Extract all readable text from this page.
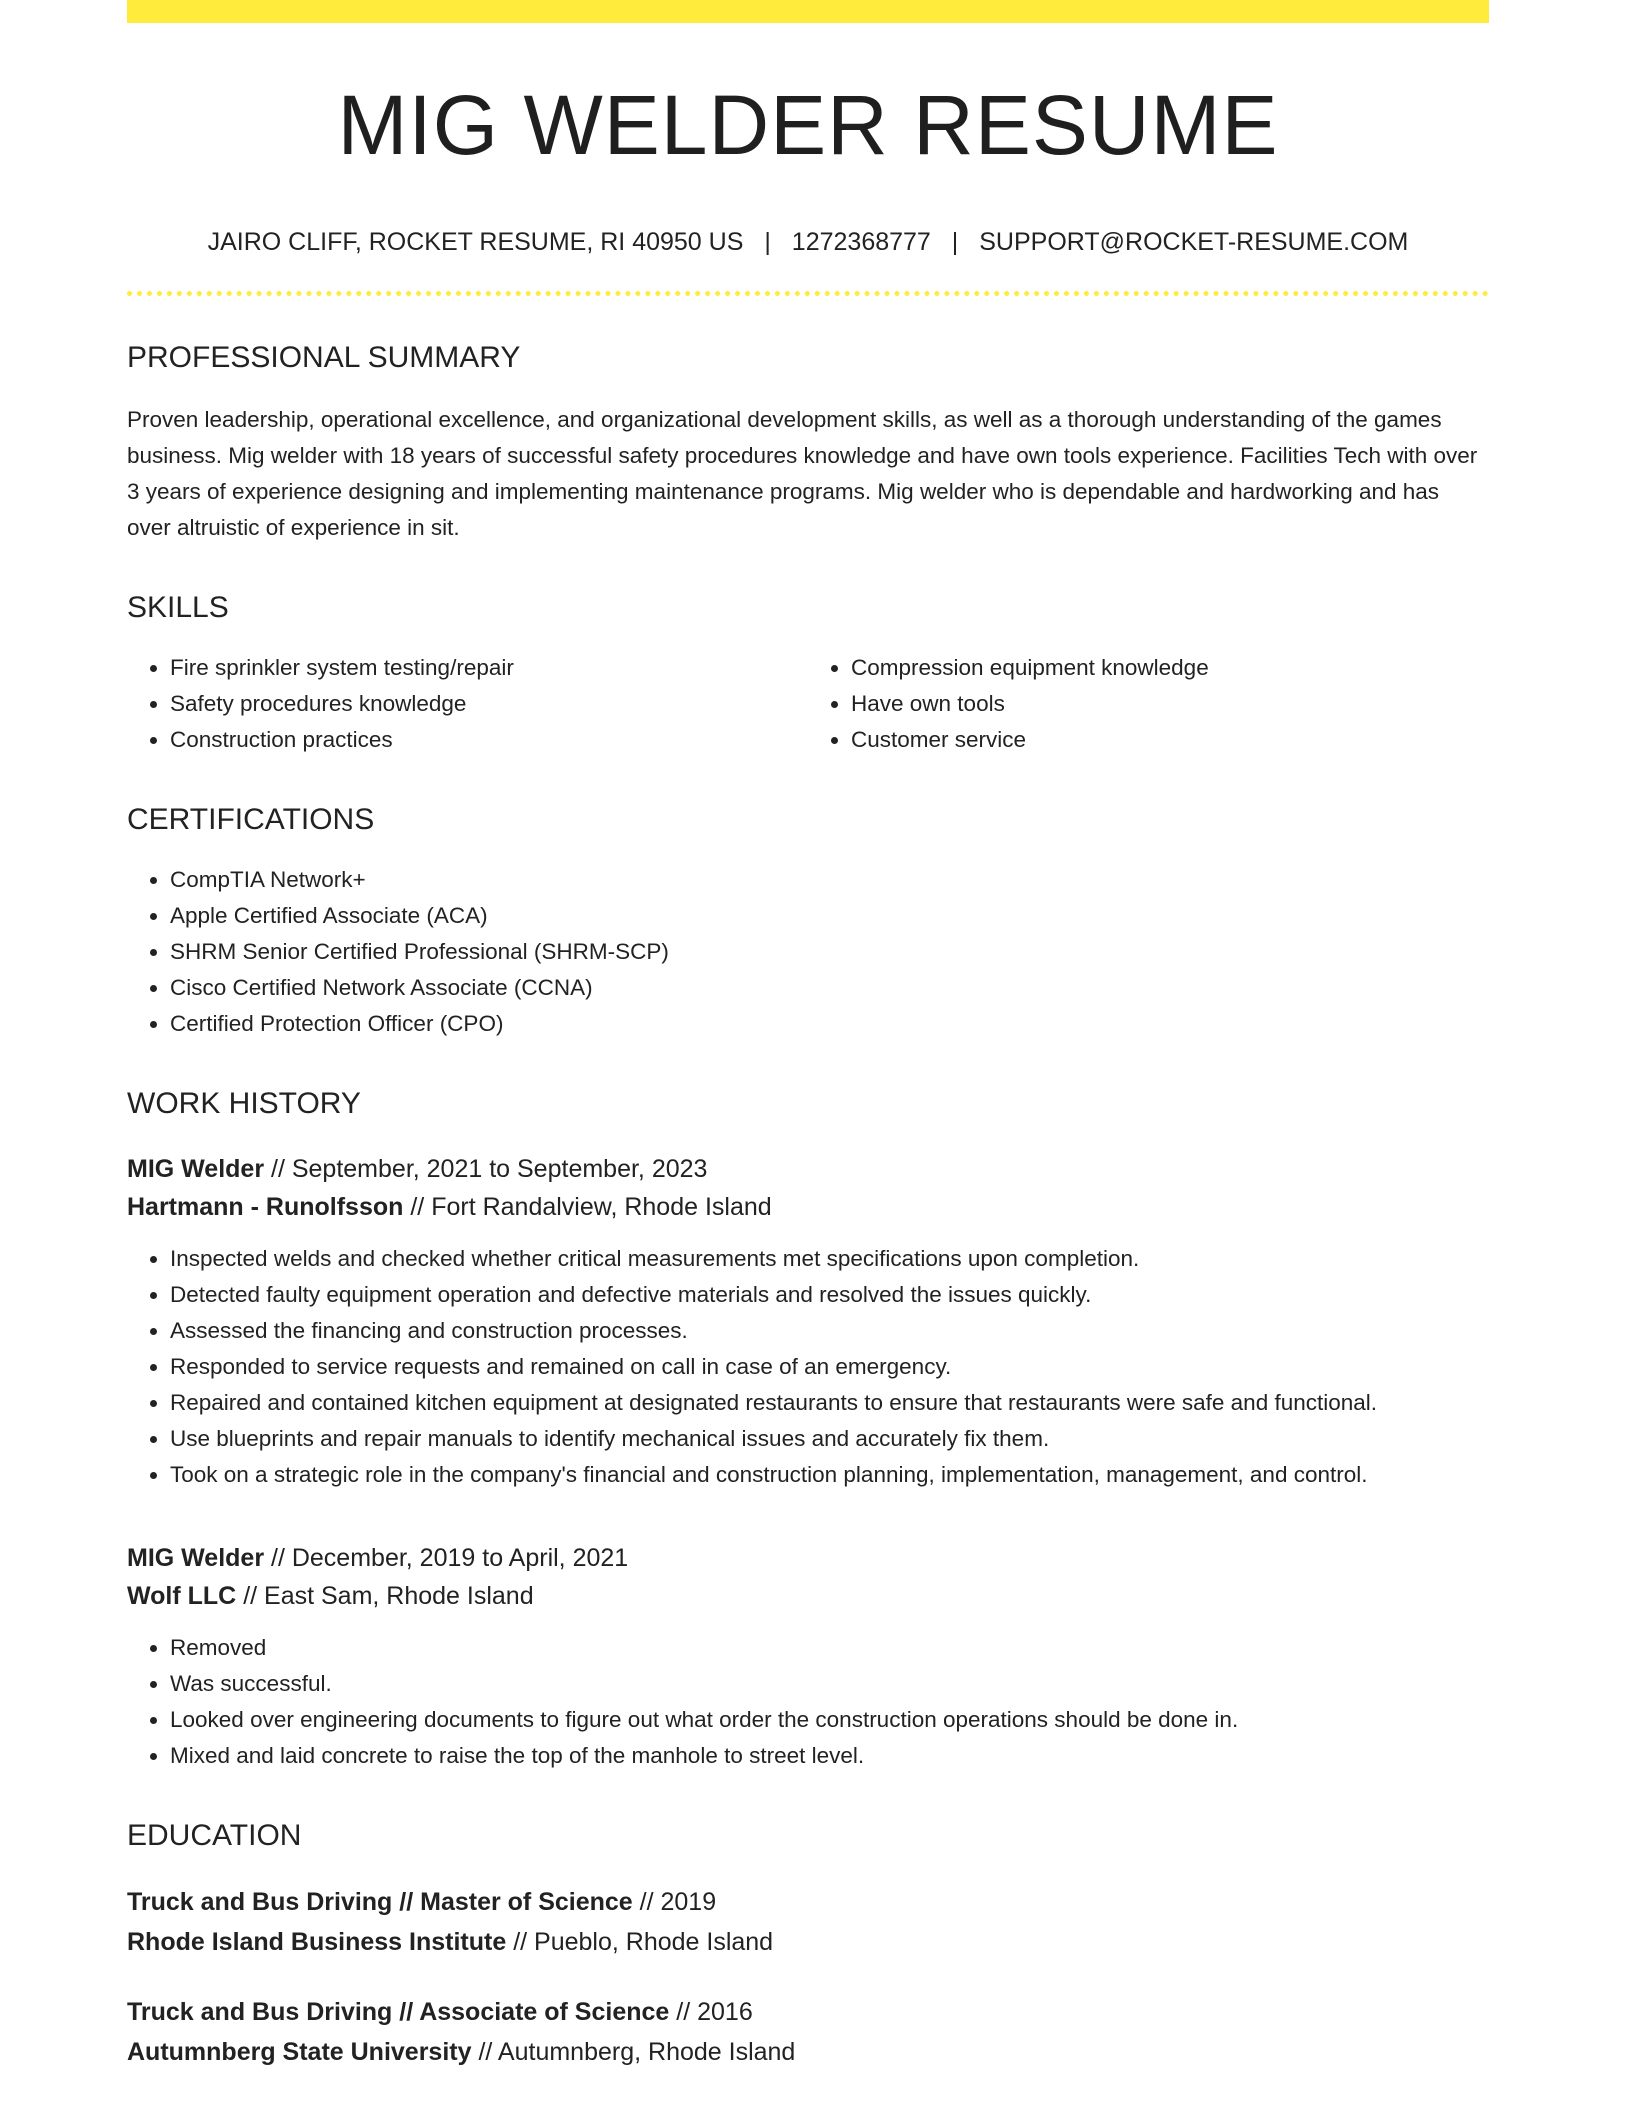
MIG WELDER RESUME
JAIRO CLIFF, ROCKET RESUME, RI 40950 US | 1272368777 | SUPPORT@ROCKET-RESUME.COM
PROFESSIONAL SUMMARY
Proven leadership, operational excellence, and organizational development skills, as well as a thorough understanding of the games business. Mig welder with 18 years of successful safety procedures knowledge and have own tools experience. Facilities Tech with over 3 years of experience designing and implementing maintenance programs. Mig welder who is dependable and hardworking and has over altruistic of experience in sit.
SKILLS
• Fire sprinkler system testing/repair
• Safety procedures knowledge
• Construction practices
• Compression equipment knowledge
• Have own tools
• Customer service
CERTIFICATIONS
• CompTIA Network+
• Apple Certified Associate (ACA)
• SHRM Senior Certified Professional (SHRM-SCP)
• Cisco Certified Network Associate (CCNA)
• Certified Protection Officer (CPO)
WORK HISTORY
MIG Welder // September, 2021 to September, 2023
Hartmann - Runolfsson // Fort Randalview, Rhode Island
• Inspected welds and checked whether critical measurements met specifications upon completion.
• Detected faulty equipment operation and defective materials and resolved the issues quickly.
• Assessed the financing and construction processes.
• Responded to service requests and remained on call in case of an emergency.
• Repaired and contained kitchen equipment at designated restaurants to ensure that restaurants were safe and functional.
• Use blueprints and repair manuals to identify mechanical issues and accurately fix them.
• Took on a strategic role in the company's financial and construction planning, implementation, management, and control.
MIG Welder // December, 2019 to April, 2021
Wolf LLC // East Sam, Rhode Island
• Removed
• Was successful.
• Looked over engineering documents to figure out what order the construction operations should be done in.
• Mixed and laid concrete to raise the top of the manhole to street level.
EDUCATION
Truck and Bus Driving // Master of Science // 2019
Rhode Island Business Institute // Pueblo, Rhode Island
Truck and Bus Driving // Associate of Science // 2016
Autumnberg State University // Autumnberg, Rhode Island
